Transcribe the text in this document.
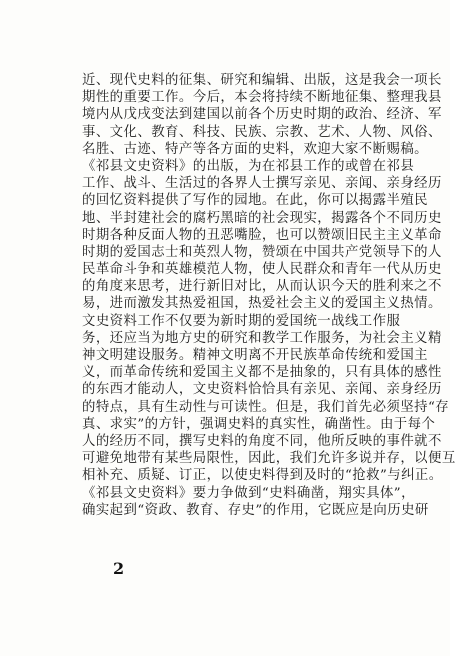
近、现代史料的征集、研究和编辑、出版，这是我会一项长
期性的重要工作。今后，本会将持续不断地征集、整理我县
境内从戊戌变法到建国以前各个历史时期的政治、经济、军
事、文化、教育、科技、民族、宗教、艺术、人物、风俗、
名胜、古迹、特产等各方面的史料，欢迎大家不断赐稿。
《祁县文史资料》的出版，为在祁县工作的或曾在祁县
工作、战斗、生活过的各界人士撰写亲见、亲闻、亲身经历
的回忆资料提供了写作的园地。在此，你可以揭露半殖民
地、半封建社会的腐朽黑暗的社会现实，揭露各个不同历史
时期各种反面人物的丑恶嘴脸，也可以赞颂旧民主主义革命
时期的爱国志士和英烈人物，赞颂在中国共产党领导下的人
民革命斗争和英雄模范人物，使人民群众和青年一代从历史
的角度来思考，进行新旧对比，从而认识今天的胜利来之不
易，进而激发其热爱祖国，热爱社会主义的爱国主义热情。
文史资料工作不仅要为新时期的爱国统一战线工作服
务，还应当为地方史的研究和教学工作服务，为社会主义精
神文明建设服务。精神文明离不开民族革命传统和爱国主
义，而革命传统和爱国主义都不是抽象的，只有具体的感性
的东西才能动人，文史资料恰恰具有亲见、亲闻、亲身经历
的特点，具有生动性与可读性。但是，我们首先必须坚持“存
真、求实”的方针，强调史料的真实性，确凿性。由于每个
人的经历不同，撰写史料的角度不同，他所反映的事件就不
可避免地带有某些局限性，因此，我们允许多说并存，以便互
相补充、质疑、订正，以使史料得到及时的“抢救”与纠正。
《祁县文史资料》要力争做到“史料确凿，翔实具体”，
确实起到“资政、教育、存史”的作用，它既应是向历史研
2
